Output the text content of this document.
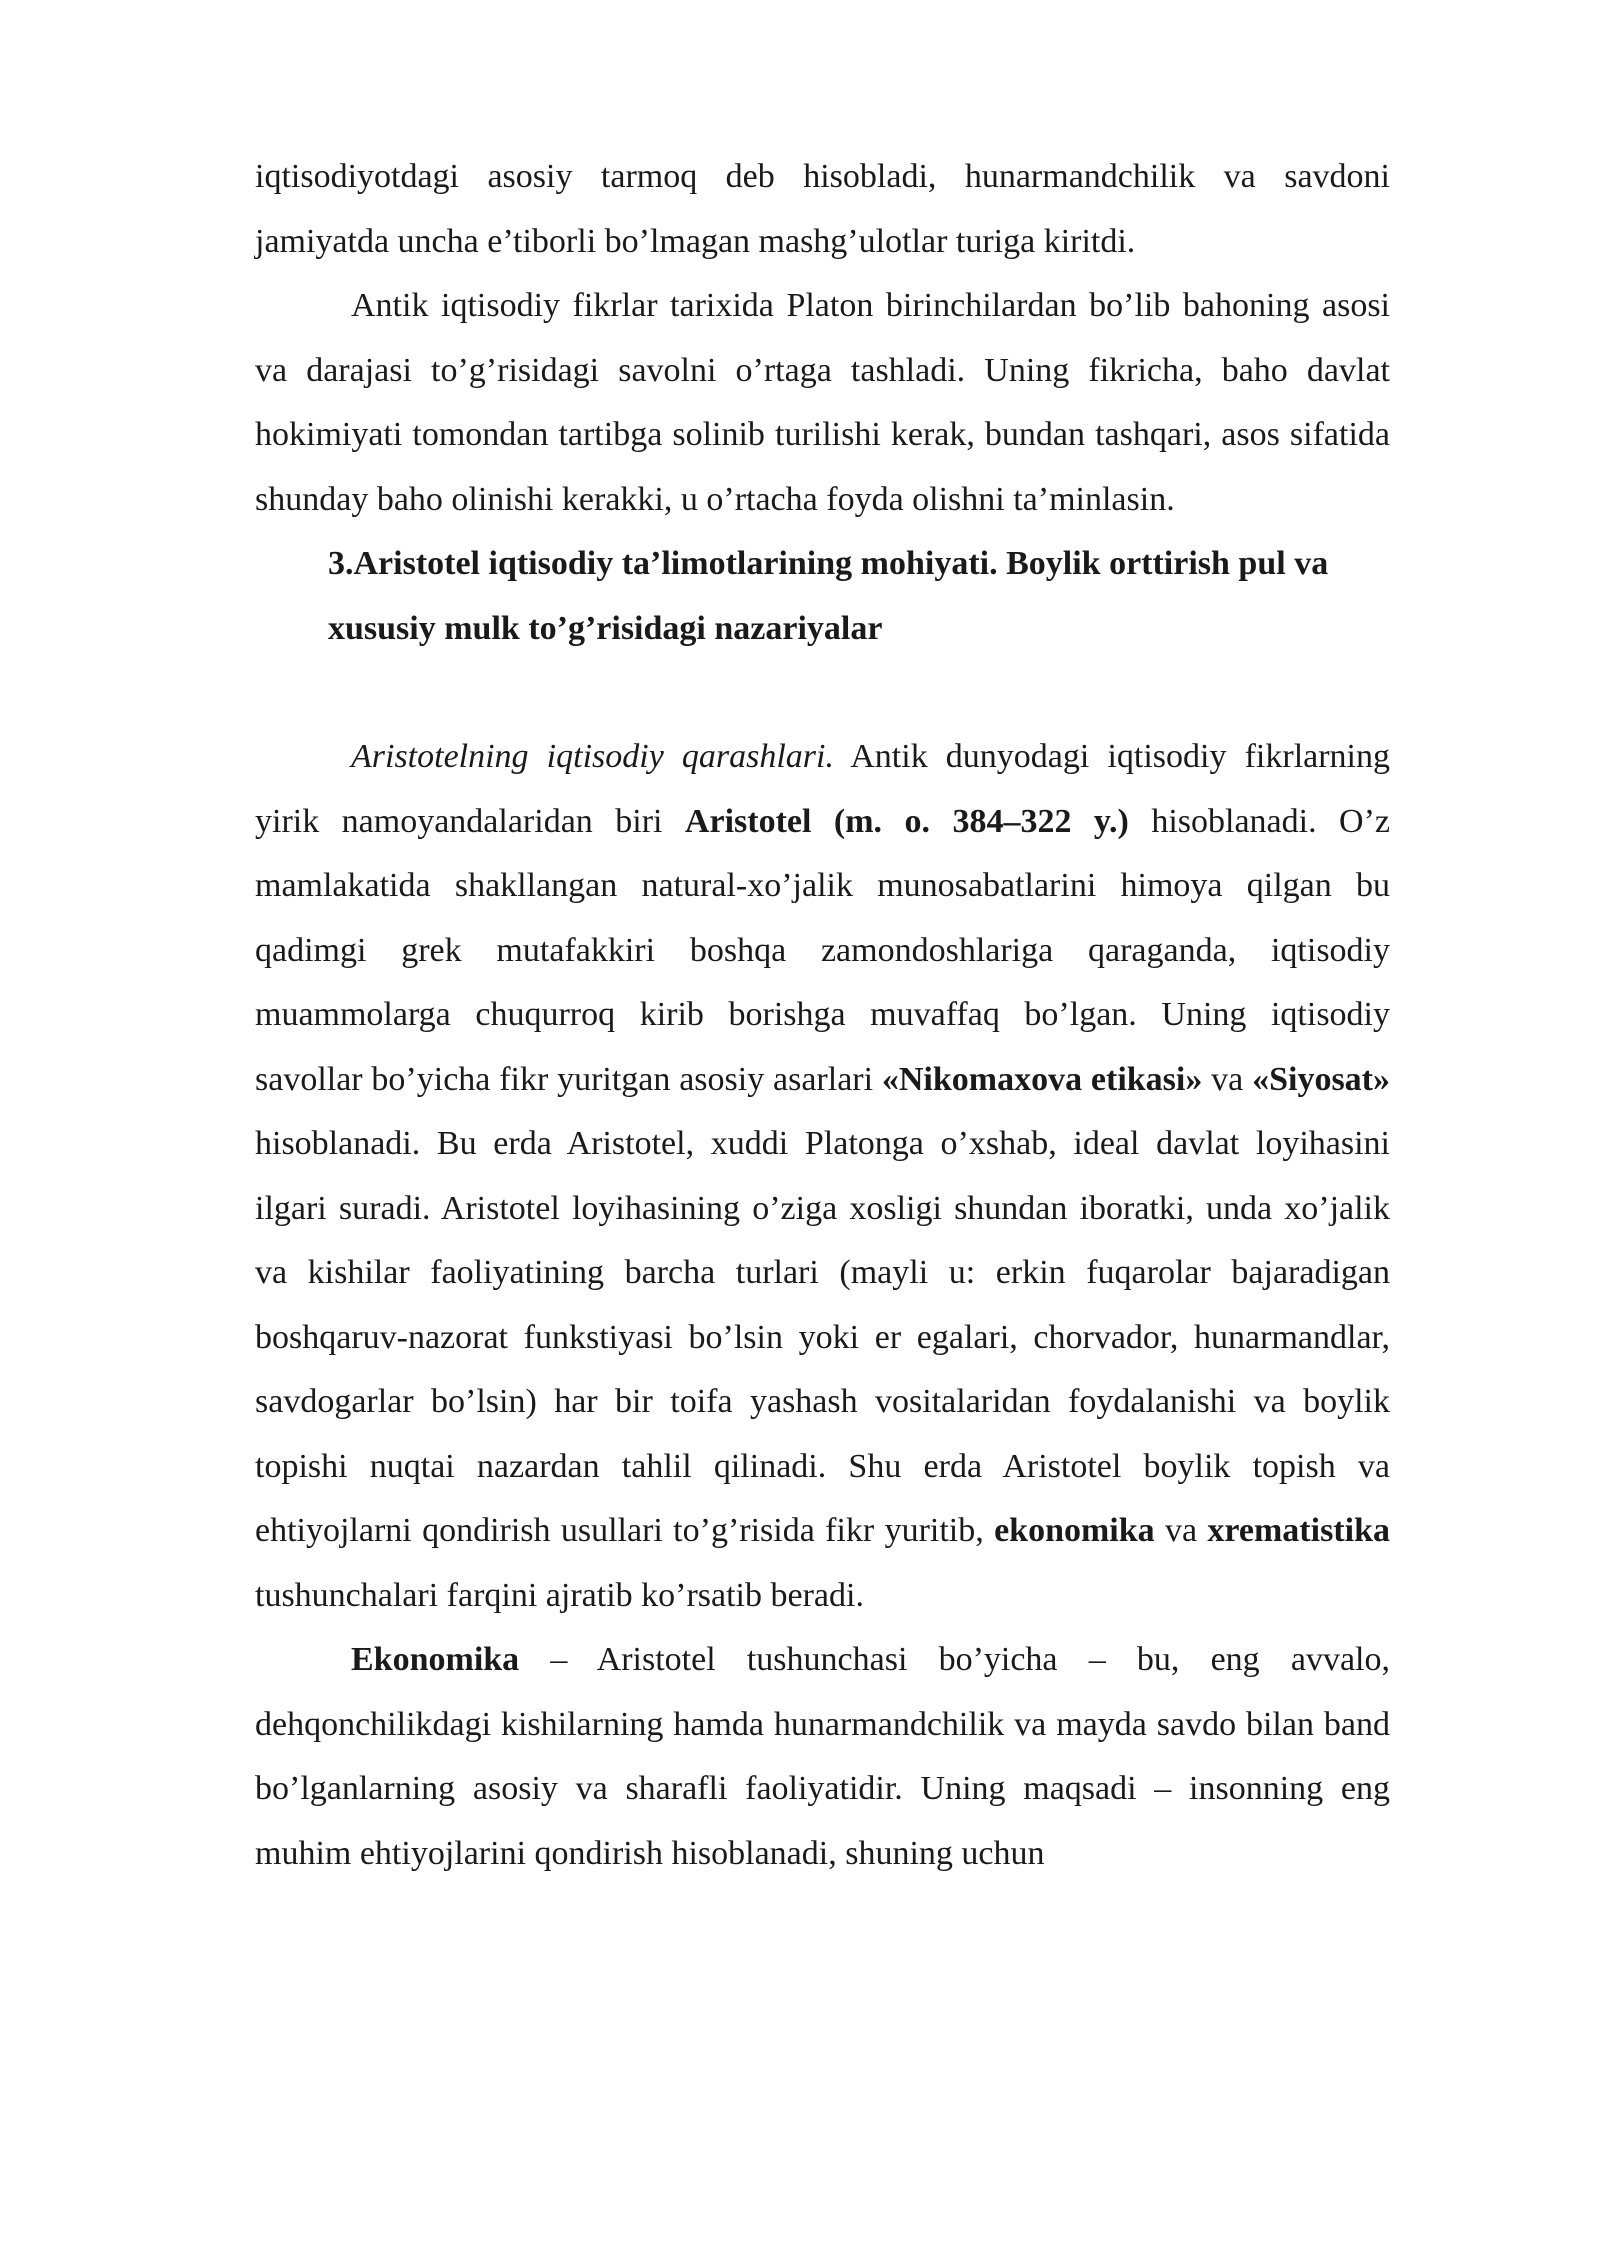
iqtisodiyotdagi asosiy tarmoq deb hisobladi, hunarmandchilik va savdoni jamiyatda uncha e’tiborli bo’lmagan mashg’ulotlar turiga kiritdi.

Antik iqtisodiy fikrlar tarixida Platon birinchilardan bo’lib bahoning asosi va darajasi to’g’risidagi savolni o’rtaga tashladi. Uning fikricha, baho davlat hokimiyati tomondan tartibga solinib turilishi kerak, bundan tashqari, asos sifatida shunday baho olinishi kerakki, u o’rtacha foyda olishni ta’minlasin.

3.Aristotel iqtisodiy ta’limotlarining mohiyati. Boylik orttirish pul va
xususiy mulk to’g’risidagi nazariyalar

Aristotelning iqtisodiy qarashlari. Antik dunyodagi iqtisodiy fikrlarning yirik namoyandalaridan biri Aristotel (m. o. 384–322 y.) hisoblanadi. O’z mamlakatida shakllangan natural-xo’jalik munosabatlarini himoya qilgan bu qadimgi grek mutafakkiri boshqa zamondoshlariga qaraganda, iqtisodiy muammolarga chuqurroq kirib borishga muvaffaq bo’lgan. Uning iqtisodiy savollar bo’yicha fikr yuritgan asosiy asarlari «Nikomaxova etikasi» va «Siyosat» hisoblanadi. Bu erda Aristotel, xuddi Platonga o’xshab, ideal davlat loyihasini ilgari suradi. Aristotel loyihasining o’ziga xosligi shundan iboratki, unda xo’jalik va kishilar faoliyatining barcha turlari (mayli u: erkin fuqarolar bajaradigan boshqaruv-nazorat funkstiyasi bo’lsin yoki er egalari, chorvador, hunarmandlar, savdogarlar bo’lsin) har bir toifa yashash vositalaridan foydalanishi va boylik topishi nuqtai nazardan tahlil qilinadi. Shu erda Aristotel boylik topish va ehtiyojlarni qondirish usullari to’g’risida fikr yuritib, ekonomika va xrematistika tushunchalari farqini ajratib ko’rsatib beradi.

Ekonomika – Aristotel tushunchasi bo’yicha – bu, eng avvalo, dehqonchilikdagi kishilarning hamda hunarmandchilik va mayda savdo bilan band bo’lganlarning asosiy va sharafli faoliyatidir. Uning maqsadi – insonning eng muhim ehtiyojlarini qondirish hisoblanadi, shuning uchun
